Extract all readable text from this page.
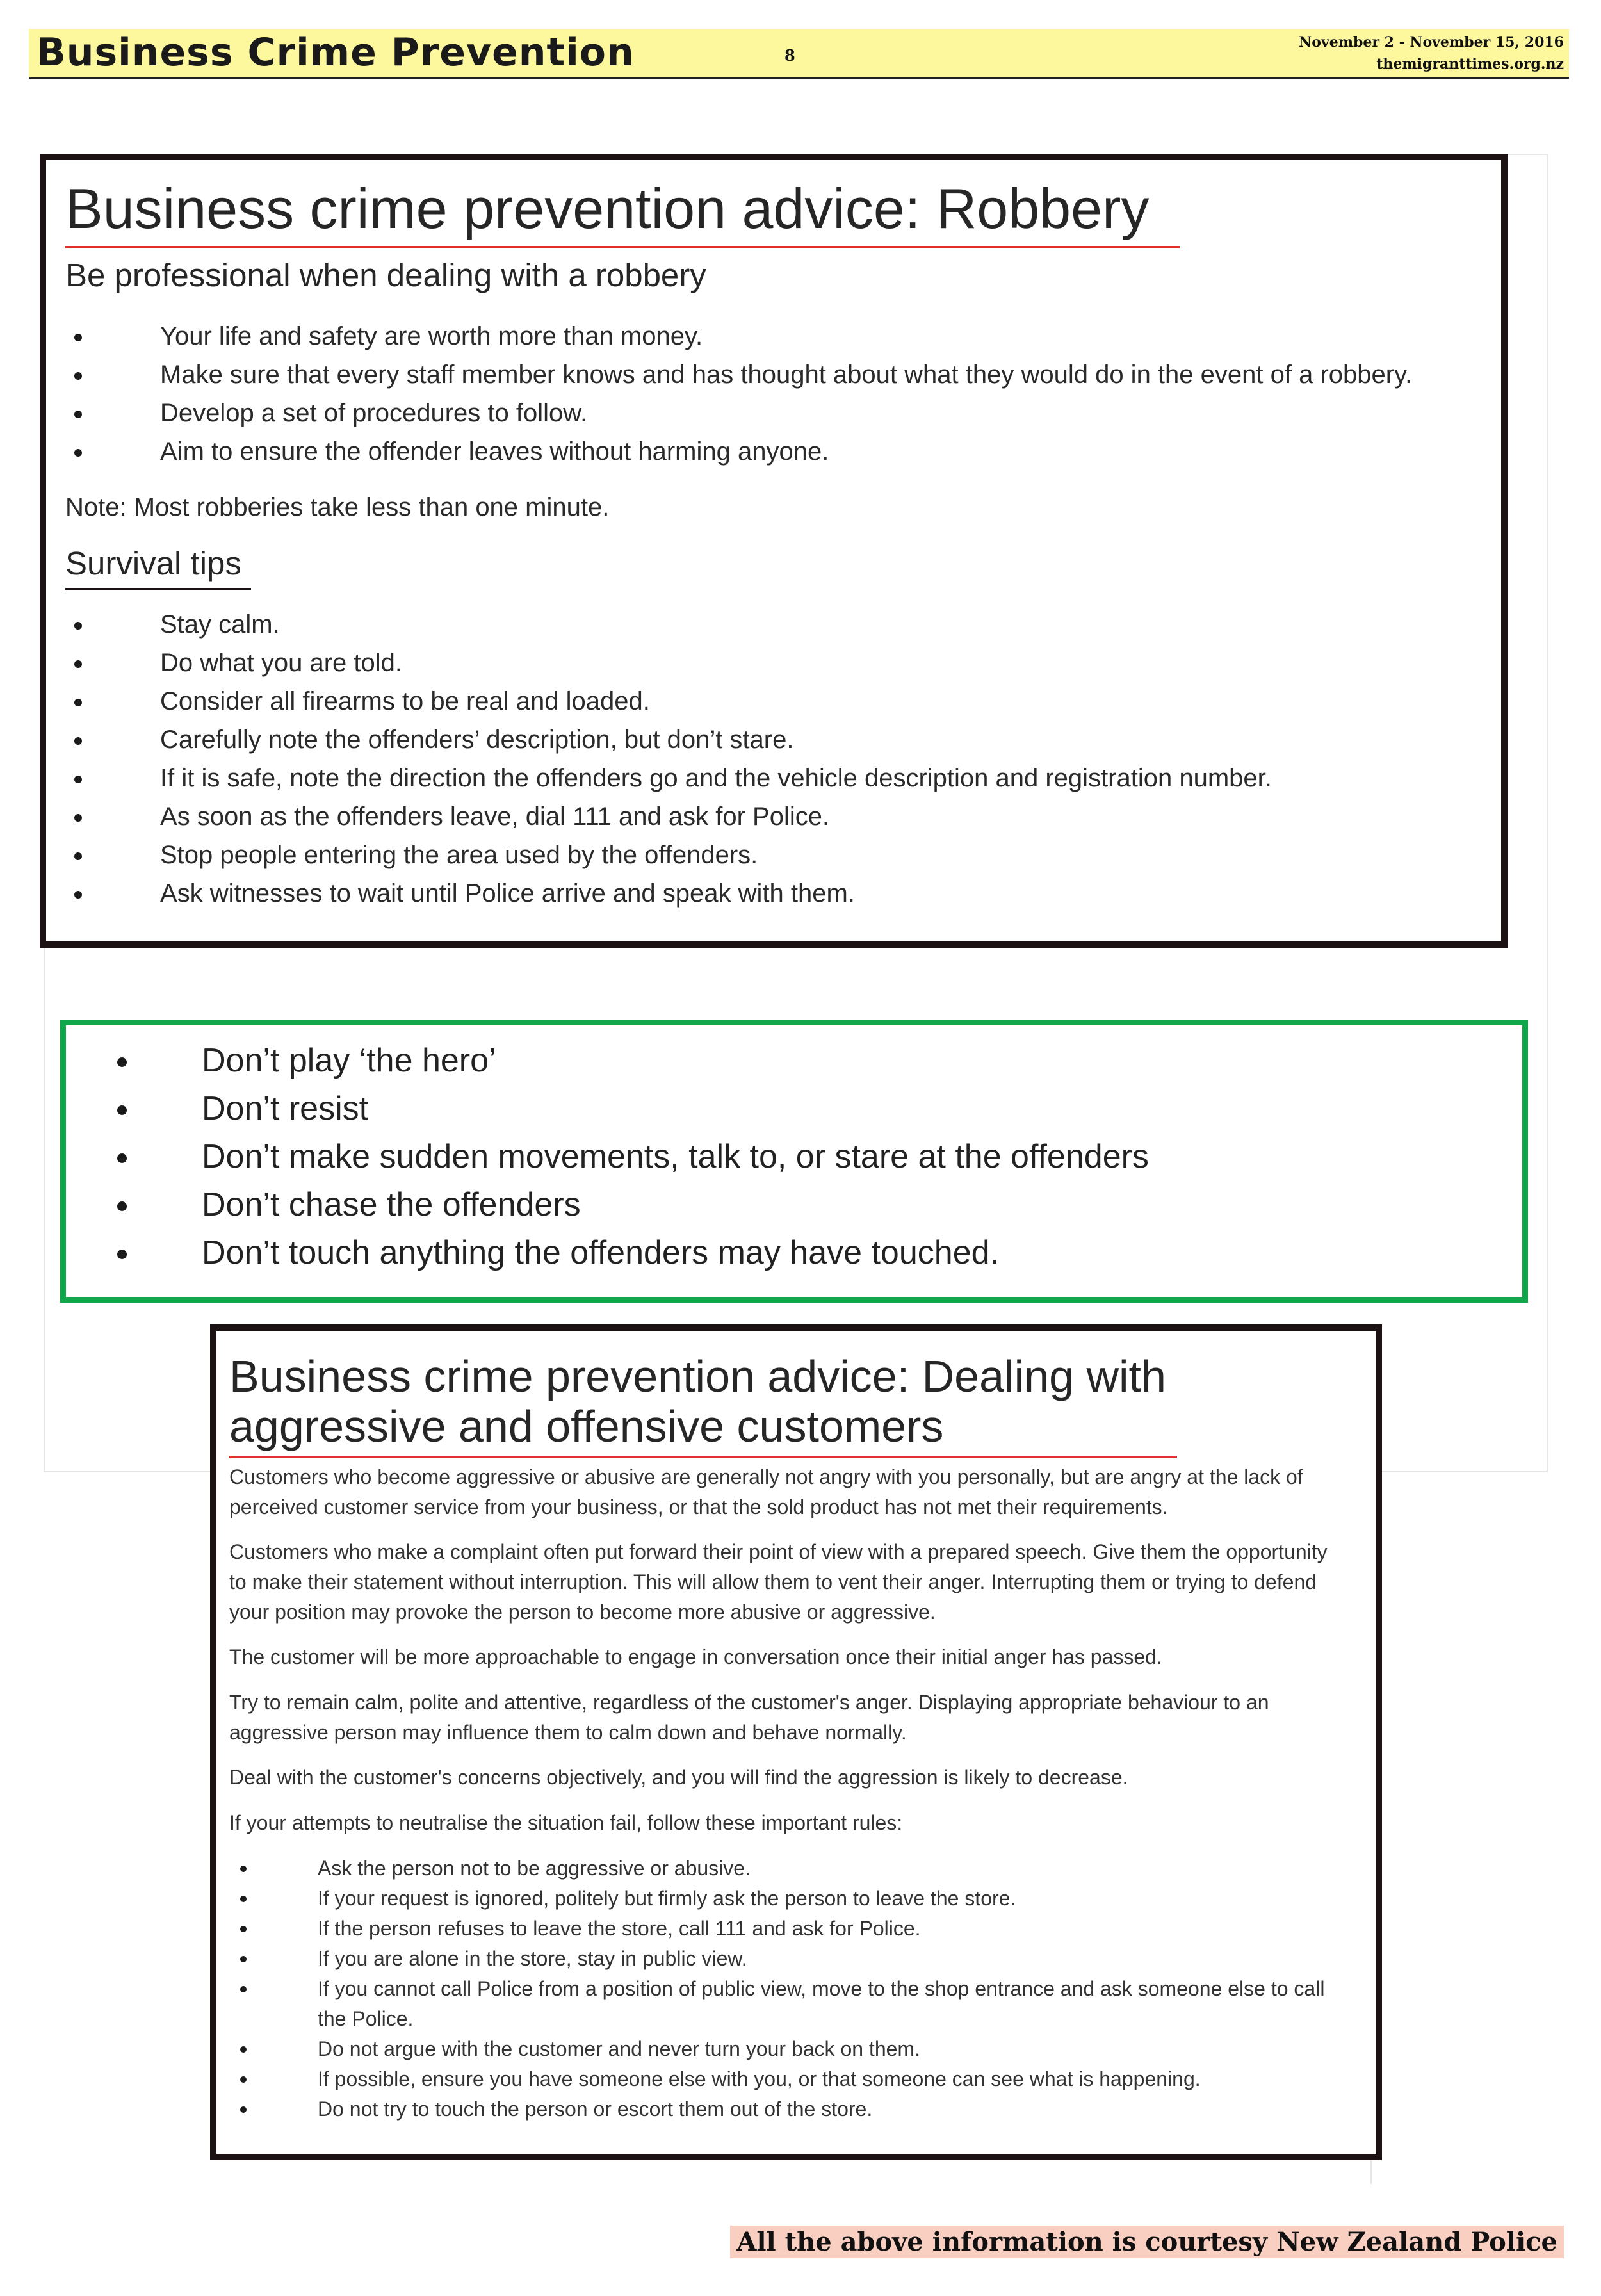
Business Crime Prevention	8
November 2 - November 15, 2016
themigranttimes.org.nz
Business crime prevention advice: Robbery
Be professional when dealing with a robbery
Your life and safety are worth more than money.
Make sure that every staff member knows and has thought about what they would do in the event of a robbery.
Develop a set of procedures to follow.
Aim to ensure the offender leaves without harming anyone.
Note: Most robberies take less than one minute.
Survival tips
Stay calm.
Do what you are told.
Consider all firearms to be real and loaded.
Carefully note the offenders’ description, but don’t stare.
If it is safe, note the direction the offenders go and the vehicle description and registration number.
As soon as the offenders leave, dial 111 and ask for Police.
Stop people entering the area used by the offenders.
Ask witnesses to wait until Police arrive and speak with them.
Don’t play ‘the hero’
Don’t resist
Don’t make sudden movements, talk to, or stare at the offenders
Don’t chase the offenders
Don’t touch anything the offenders may have touched.
Business crime prevention advice: Dealing with aggressive and offensive customers

Customers who become aggressive or abusive are generally not angry with you personally, but are angry at the lack of perceived customer service from your business, or that the sold product has not met their requirements.

Customers who make a complaint often put forward their point of view with a prepared speech. Give them the opportunity to make their statement without interruption. This will allow them to vent their anger. Interrupting them or trying to defend your position may provoke the person to become more abusive or aggressive.

The customer will be more approachable to engage in conversation once their initial anger has passed.

Try to remain calm, polite and attentive, regardless of the customer's anger. Displaying appropriate behaviour to an aggressive person may influence them to calm down and behave normally.

Deal with the customer's concerns objectively, and you will find the aggression is likely to decrease.

If your attempts to neutralise the situation fail, follow these important rules:

Ask the person not to be aggressive or abusive.
If your request is ignored, politely but firmly ask the person to leave the store.
If the person refuses to leave the store, call 111 and ask for Police.
If you are alone in the store, stay in public view.
If you cannot call Police from a position of public view, move to the shop entrance and ask someone else to call the Police.
Do not argue with the customer and never turn your back on them.
If possible, ensure you have someone else with you, or that someone can see what is happening.
Do not try to touch the person or escort them out of the store.
All the above information is courtesy New Zealand Police
